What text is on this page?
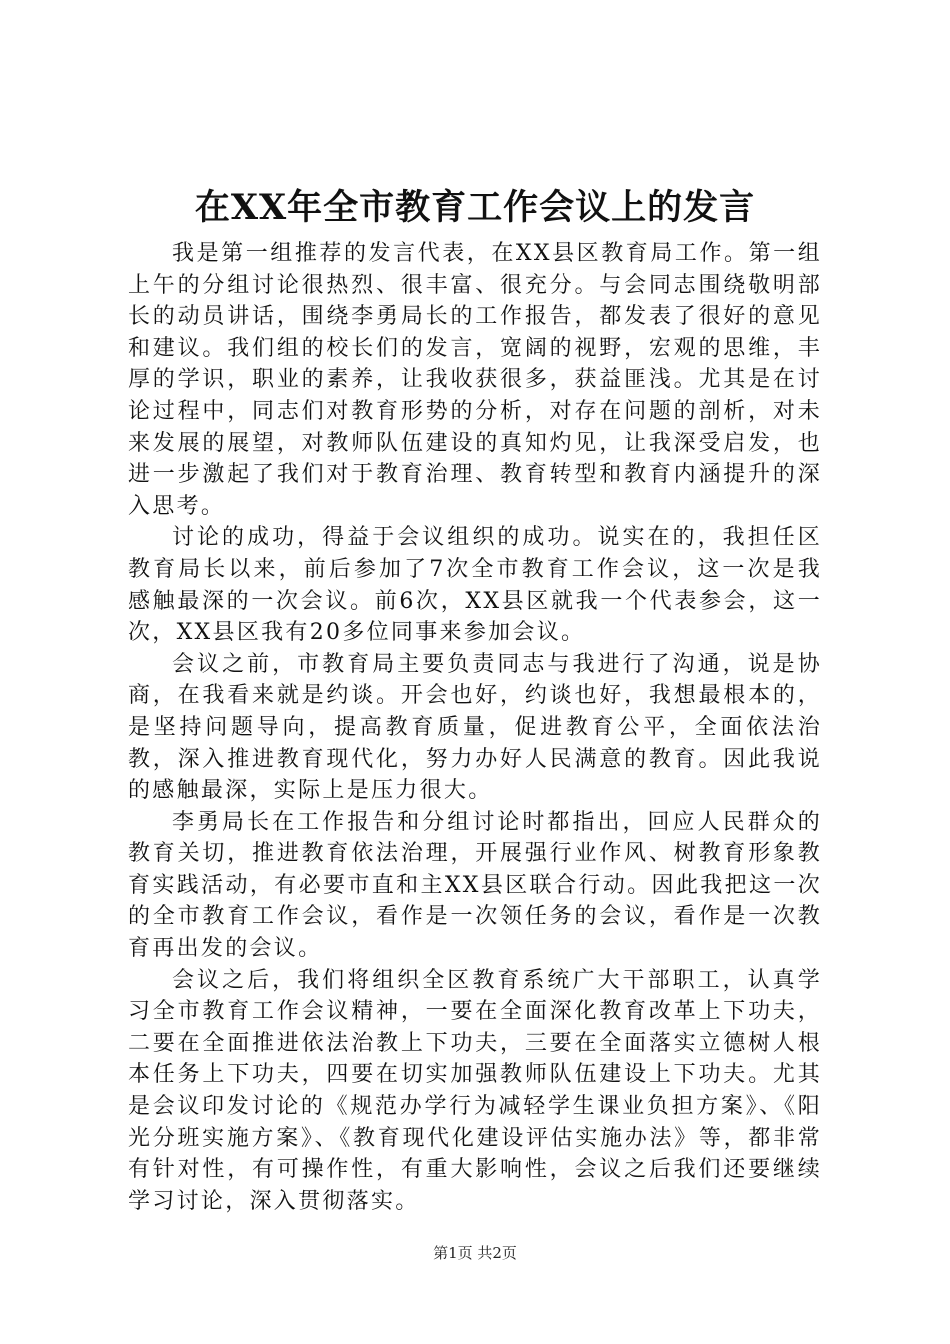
在XX年全市教育工作会议上的发言

我是第一组推荐的发言代表，在XX县区教育局工作。第一组上午的分组讨论很热烈、很丰富、很充分。与会同志围绕敬明部长的动员讲话，围绕李勇局长的工作报告，都发表了很好的意见和建议。我们组的校长们的发言，宽阔的视野，宏观的思维，丰厚的学识，职业的素养，让我收获很多，获益匪浅。尤其是在讨论过程中，同志们对教育形势的分析，对存在问题的剖析，对未来发展的展望，对教师队伍建设的真知灼见，让我深受启发，也进一步激起了我们对于教育治理、教育转型和教育内涵提升的深入思考。

讨论的成功，得益于会议组织的成功。说实在的，我担任区教育局长以来，前后参加了7次全市教育工作会议，这一次是我感触最深的一次会议。前6次，XX县区就我一个代表参会，这一次，XX县区我有20多位同事来参加会议。

会议之前，市教育局主要负责同志与我进行了沟通，说是协商，在我看来就是约谈。开会也好，约谈也好，我想最根本的，是坚持问题导向，提高教育质量，促进教育公平，全面依法治教，深入推进教育现代化，努力办好人民满意的教育。因此我说的感触最深，实际上是压力很大。

李勇局长在工作报告和分组讨论时都指出，回应人民群众的教育关切，推进教育依法治理，开展强行业作风、树教育形象教育实践活动，有必要市直和主XX县区联合行动。因此我把这一次的全市教育工作会议，看作是一次领任务的会议，看作是一次教育再出发的会议。

会议之后，我们将组织全区教育系统广大干部职工，认真学习全市教育工作会议精神，一要在全面深化教育改革上下功夫，二要在全面推进依法治教上下功夫，三要在全面落实立德树人根本任务上下功夫，四要在切实加强教师队伍建设上下功夫。尤其是会议印发讨论的《规范办学行为减轻学生课业负担方案》、《阳光分班实施方案》、《教育现代化建设评估实施办法》等，都非常有针对性，有可操作性，有重大影响性，会议之后我们还要继续学习讨论，深入贯彻落实。

第1页 共2页
